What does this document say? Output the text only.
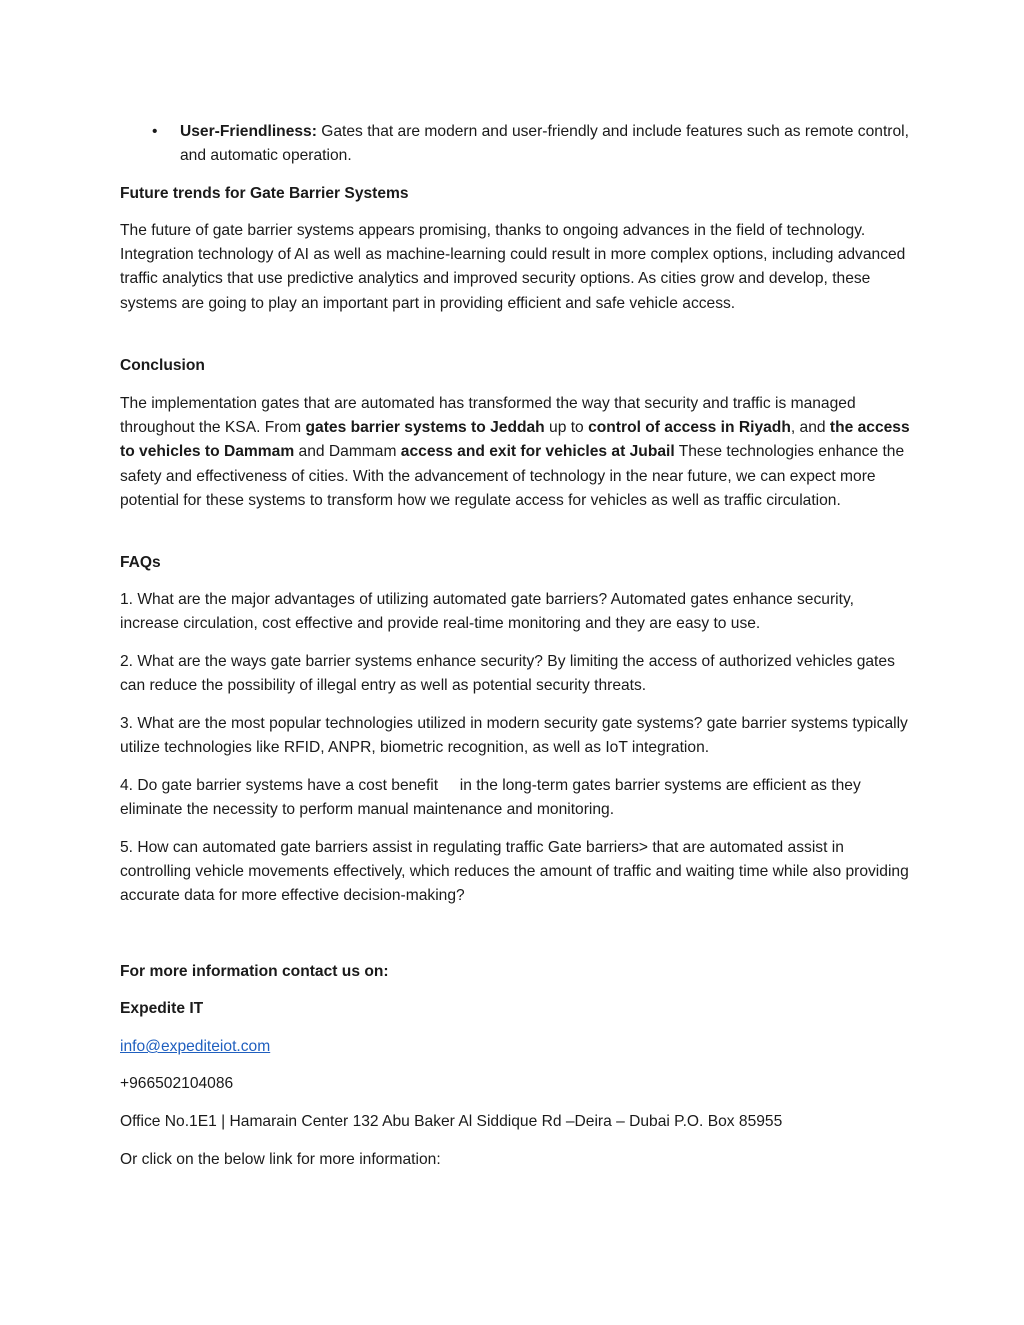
• User-Friendliness: Gates that are modern and user-friendly and include features such as remote control, and automatic operation.

Future trends for Gate Barrier Systems

The future of gate barrier systems appears promising, thanks to ongoing advances in the field of technology. Integration technology of AI as well as machine-learning could result in more complex options, including advanced traffic analytics that use predictive analytics and improved security options. As cities grow and develop, these systems are going to play an important part in providing efficient and safe vehicle access.

Conclusion

The implementation gates that are automated has transformed the way that security and traffic is managed throughout the KSA. From gates barrier systems to Jeddah up to control of access in Riyadh, and the access to vehicles to Dammam and Dammam access and exit for vehicles at Jubail These technologies enhance the safety and effectiveness of cities. With the advancement of technology in the near future, we can expect more potential for these systems to transform how we regulate access for vehicles as well as traffic circulation.

FAQs

1. What are the major advantages of utilizing automated gate barriers? Automated gates enhance security, increase circulation, cost effective and provide real-time monitoring and they are easy to use.

2. What are the ways gate barrier systems enhance security? By limiting the access of authorized vehicles gates can reduce the possibility of illegal entry as well as potential security threats.

3. What are the most popular technologies utilized in modern security gate systems? gate barrier systems typically utilize technologies like RFID, ANPR, biometric recognition, as well as IoT integration.

4. Do gate barrier systems have a cost benefit     in the long-term gates barrier systems are efficient as they eliminate the necessity to perform manual maintenance and monitoring.

5. How can automated gate barriers assist in regulating traffic Gate barriers> that are automated assist in controlling vehicle movements effectively, which reduces the amount of traffic and waiting time while also providing accurate data for more effective decision-making?

For more information contact us on:

Expedite IT

info@expediteiot.com

+966502104086

Office No.1E1 | Hamarain Center 132 Abu Baker Al Siddique Rd –Deira – Dubai P.O. Box 85955

Or click on the below link for more information:
